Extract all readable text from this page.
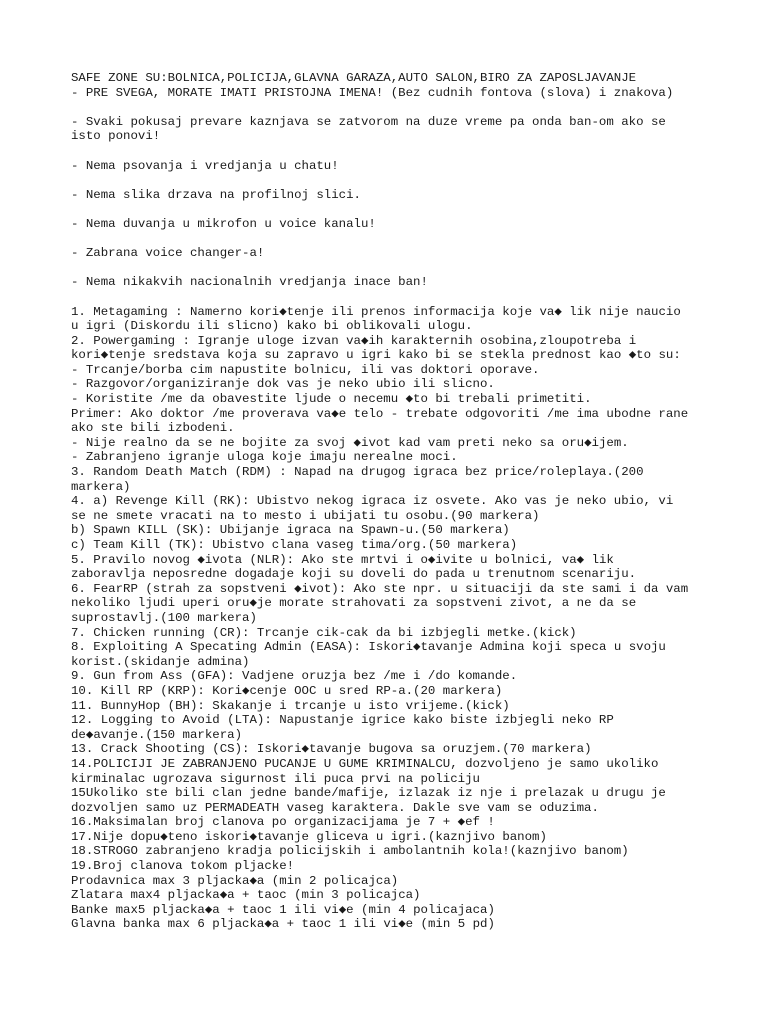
SAFE ZONE SU:BOLNICA,POLICIJA,GLAVNA GARAZA,AUTO SALON,BIRO ZA ZAPOSLJAVANJE
- PRE SVEGA, MORATE IMATI PRISTOJNA IMENA! (Bez cudnih fontova (slova) i znakova)
- Svaki pokusaj prevare kaznjava se zatvorom na duze vreme pa onda ban-om ako se
isto ponovi!
- Nema psovanja i vredjanja u chatu!
- Nema slika drzava na profilnoj slici.
- Nema duvanja u mikrofon u voice kanalu!
- Zabrana voice changer-a!
- Nema nikakvih nacionalnih vredjanja inace ban!
1. Metagaming : Namerno kori◆tenje ili prenos informacija koje va◆ lik nije naucio
u igri (Diskordu ili slicno) kako bi oblikovali ulogu.
2. Powergaming : Igranje uloge izvan va◆ih karakternih osobina,zloupotreba i
kori◆tenje sredstava koja su zapravo u igri kako bi se stekla prednost kao ◆to su:
- Trcanje/borba cim napustite bolnicu, ili vas doktori oporave.
- Razgovor/organiziranje dok vas je neko ubio ili slicno.
- Koristite /me da obavestite ljude o necemu ◆to bi trebali primetiti.
Primer: Ako doktor /me proverava va◆e telo - trebate odgovoriti /me ima ubodne rane
ako ste bili izbodeni.
- Nije realno da se ne bojite za svoj ◆ivot kad vam preti neko sa oru◆ijem.
- Zabranjeno igranje uloga koje imaju nerealne moci.
3. Random Death Match (RDM) : Napad na drugog igraca bez price/roleplaya.(200
markera)
4. a) Revenge Kill (RK): Ubistvo nekog igraca iz osvete. Ako vas je neko ubio, vi
se ne smete vracati na to mesto i ubijati tu osobu.(90 markera)
b) Spawn KILL (SK): Ubijanje igraca na Spawn-u.(50 markera)
c) Team Kill (TK): Ubistvo clana vaseg tima/org.(50 markera)
5. Pravilo novog ◆ivota (NLR): Ako ste mrtvi i o◆ivite u bolnici, va◆ lik
zaboravlja neposredne dogadaje koji su doveli do pada u trenutnom scenariju.
6. FearRP (strah za sopstveni ◆ivot): Ako ste npr. u situaciji da ste sami i da vam
nekoliko ljudi uperi oru◆je morate strahovati za sopstveni zivot, a ne da se
suprostavlj.(100 markera)
7. Chicken running (CR): Trcanje cik-cak da bi izbjegli metke.(kick)
8. Exploiting A Specating Admin (EASA): Iskori◆tavanje Admina koji speca u svoju
korist.(skidanje admina)
9. Gun from Ass (GFA): Vadjene oruzja bez /me i /do komande.
10. Kill RP (KRP): Kori◆cenje OOC u sred RP-a.(20 markera)
11. BunnyHop (BH): Skakanje i trcanje u isto vrijeme.(kick)
12. Logging to Avoid (LTA): Napustanje igrice kako biste izbjegli neko RP
de◆avanje.(150 markera)
13. Crack Shooting (CS): Iskori◆tavanje bugova sa oruzjem.(70 markera)
14.POLICIJI JE ZABRANJENO PUCANJE U GUME KRIMINALCU, dozvoljeno je samo ukoliko
kirminalac ugrozava sigurnost ili puca prvi na policiju
15Ukoliko ste bili clan jedne bande/mafije, izlazak iz nje i prelazak u drugu je
dozvoljen samo uz PERMADEATH vaseg karaktera. Dakle sve vam se oduzima.
16.Maksimalan broj clanova po organizacijama je 7 + ◆ef !
17.Nije dopu◆teno iskori◆tavanje gliceva u igri.(kaznjivo banom)
18.STROGO zabranjeno kradja policijskih i ambolantnih kola!(kaznjivo banom)
19.Broj clanova tokom pljacke!
Prodavnica max 3 pljacka◆a (min 2 policajca)
Zlatara max4 pljacka◆a + taoc (min 3 policajca)
Banke max5 pljacka◆a + taoc 1 ili vi◆e (min 4 policajaca)
Glavna banka max 6 pljacka◆a + taoc 1 ili vi◆e (min 5 pd)
